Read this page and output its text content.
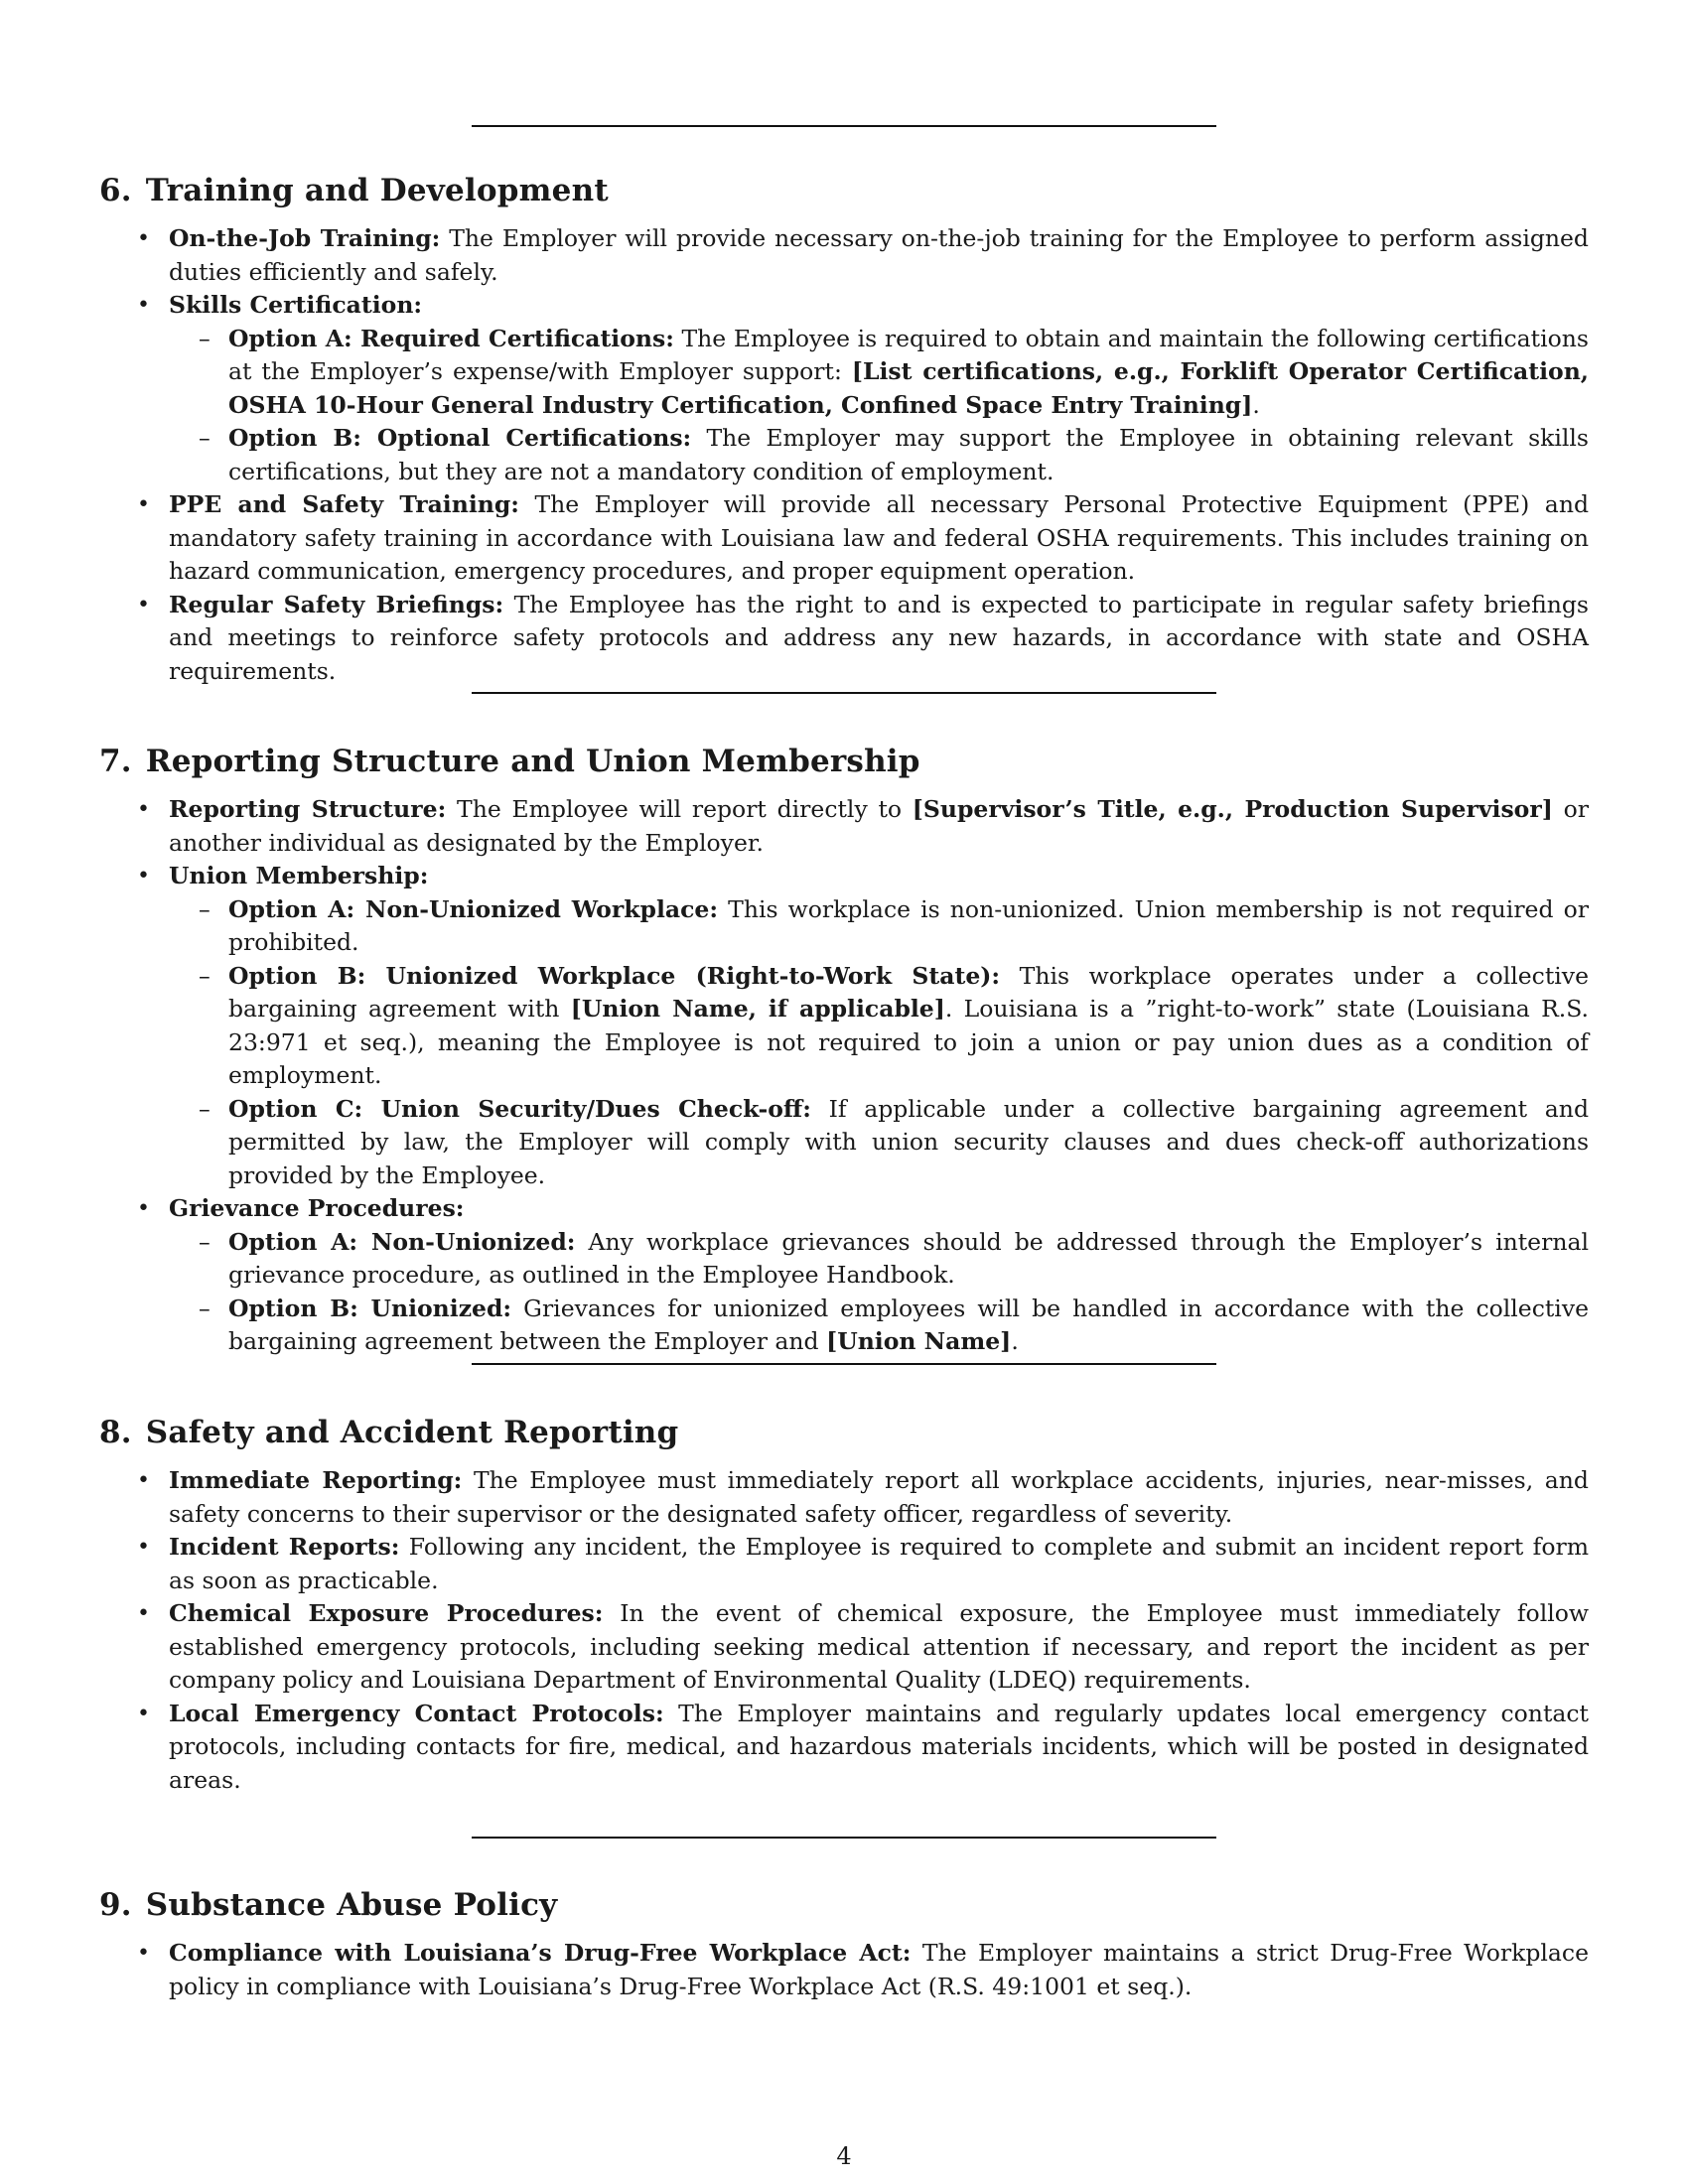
6. Training and Development
• On-the-Job Training: The Employer will provide necessary on-the-job training for the Employee to perform assigned duties efficiently and safely.
• Skills Certification:
– Option A: Required Certifications: The Employee is required to obtain and maintain the following certifications at the Employer’s expense/with Employer support: [List certifications, e.g., Forklift Operator Certification, OSHA 10-Hour General Industry Certification, Confined Space Entry Training].
– Option B: Optional Certifications: The Employer may support the Employee in obtaining relevant skills certifications, but they are not a mandatory condition of employment.
• PPE and Safety Training: The Employer will provide all necessary Personal Protective Equipment (PPE) and mandatory safety training in accordance with Louisiana law and federal OSHA requirements. This includes training on hazard communication, emergency procedures, and proper equipment operation.
• Regular Safety Briefings: The Employee has the right to and is expected to participate in regular safety briefings and meetings to reinforce safety protocols and address any new hazards, in accordance with state and OSHA requirements.
7. Reporting Structure and Union Membership
• Reporting Structure: The Employee will report directly to [Supervisor’s Title, e.g., Production Supervisor] or another individual as designated by the Employer.
• Union Membership:
– Option A: Non-Unionized Workplace: This workplace is non-unionized. Union membership is not required or prohibited.
– Option B: Unionized Workplace (Right-to-Work State): This workplace operates under a collective bargaining agreement with [Union Name, if applicable]. Louisiana is a ”right-to-work” state (Louisiana R.S. 23:971 et seq.), meaning the Employee is not required to join a union or pay union dues as a condition of employment.
– Option C: Union Security/Dues Check-off: If applicable under a collective bargaining agreement and permitted by law, the Employer will comply with union security clauses and dues check-off authorizations provided by the Employee.
• Grievance Procedures:
– Option A: Non-Unionized: Any workplace grievances should be addressed through the Employer’s internal grievance procedure, as outlined in the Employee Handbook.
– Option B: Unionized: Grievances for unionized employees will be handled in accordance with the collective bargaining agreement between the Employer and [Union Name].
8. Safety and Accident Reporting
• Immediate Reporting: The Employee must immediately report all workplace accidents, injuries, near-misses, and safety concerns to their supervisor or the designated safety officer, regardless of severity.
• Incident Reports: Following any incident, the Employee is required to complete and submit an incident report form as soon as practicable.
• Chemical Exposure Procedures: In the event of chemical exposure, the Employee must immediately follow established emergency protocols, including seeking medical attention if necessary, and report the incident as per company policy and Louisiana Department of Environmental Quality (LDEQ) requirements.
• Local Emergency Contact Protocols: The Employer maintains and regularly updates local emergency contact protocols, including contacts for fire, medical, and hazardous materials incidents, which will be posted in designated areas.
9. Substance Abuse Policy
• Compliance with Louisiana’s Drug-Free Workplace Act: The Employer maintains a strict Drug-Free Workplace policy in compliance with Louisiana’s Drug-Free Workplace Act (R.S. 49:1001 et seq.).
4
